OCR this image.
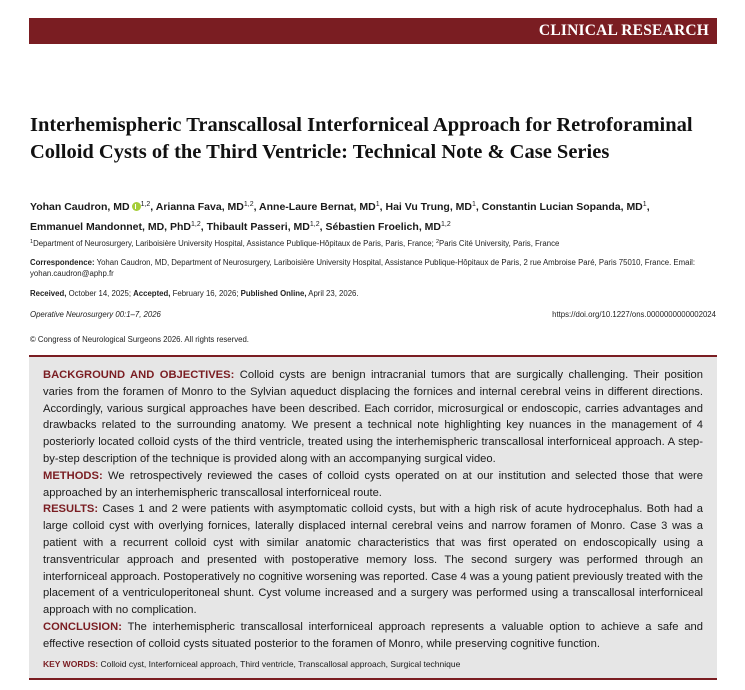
CLINICAL RESEARCH
Interhemispheric Transcallosal Interforniceal Approach for Retroforaminal Colloid Cysts of the Third Ventricle: Technical Note & Case Series
Yohan Caudron, MD $^{1,2}$, Arianna Fava, MD$^{1,2}$, Anne-Laure Bernat, $MD^1$, Hai Vu Trung, $MD^1$, Constantin Lucian Sopanda, $MD^1$,
Emmanuel Mandonnet, MD, PhD$^{1,2}$, Thibault Passeri, MD$^{1,2}$, Sébastien Froelich, MD$^{1,2}$
$^1$Department of Neurosurgery, Lariboisière University Hospital, Assistance Publique-Hôpitaux de Paris, Paris, France; $^2$Paris Cité University, Paris, France
Correspondence: Yohan Caudron, MD, Department of Neurosurgery, Lariboisière University Hospital, Assistance Publique-Hôpitaux de Paris, 2 rue Ambroise Paré, Paris 75010, France. Email: yohan.caudron@aphp.fr
Received, October 14, 2025; Accepted, February 16, 2026; Published Online, April 23, 2026.
Operative Neurosurgery 00:1–7, 2026	https://doi.org/10.1227/ons.0000000000002024
© Congress of Neurological Surgeons 2026. All rights reserved.

BACKGROUND AND OBJECTIVES: Colloid cysts are benign intracranial tumors that are surgically challenging. Their position varies from the foramen of Monro to the Sylvian aqueduct displacing the fornices and internal cerebral veins in different directions. Accordingly, various surgical approaches have been described. Each corridor, microsurgical or endoscopic, carries advantages and drawbacks related to the surrounding anatomy. We present a technical note highlighting key nuances in the management of 4 posteriorly located colloid cysts of the third ventricle, treated using the interhemispheric transcallosal interforniceal approach. A step-by-step description of the technique is provided along with an accompanying surgical video.

METHODS: We retrospectively reviewed the cases of colloid cysts operated on at our institution and selected those that were approached by an interhemispheric transcallosal interforniceal route.

RESULTS: Cases 1 and 2 were patients with asymptomatic colloid cysts, but with a high risk of acute hydrocephalus. Both had a large colloid cyst with overlying fornices, laterally displaced internal cerebral veins and narrow foramen of Monro. Case 3 was a patient with a recurrent colloid cyst with similar anatomic characteristics that was first operated on endoscopically using a transventricular approach and presented with postoperative memory loss. The second surgery was performed through an interforniceal approach. Postoperatively no cognitive worsening was reported. Case 4 was a young patient previously treated with the placement of a ventriculoperitoneal shunt. Cyst volume increased and a surgery was performed using a transcallosal interforniceal approach with no complication.

CONCLUSION: The interhemispheric transcallosal interforniceal approach represents a valuable option to achieve a safe and effective resection of colloid cysts situated posterior to the foramen of Monro, while preserving cognitive function.

KEY WORDS: Colloid cyst, Interforniceal approach, Third ventricle, Transcallosal approach, Surgical technique
